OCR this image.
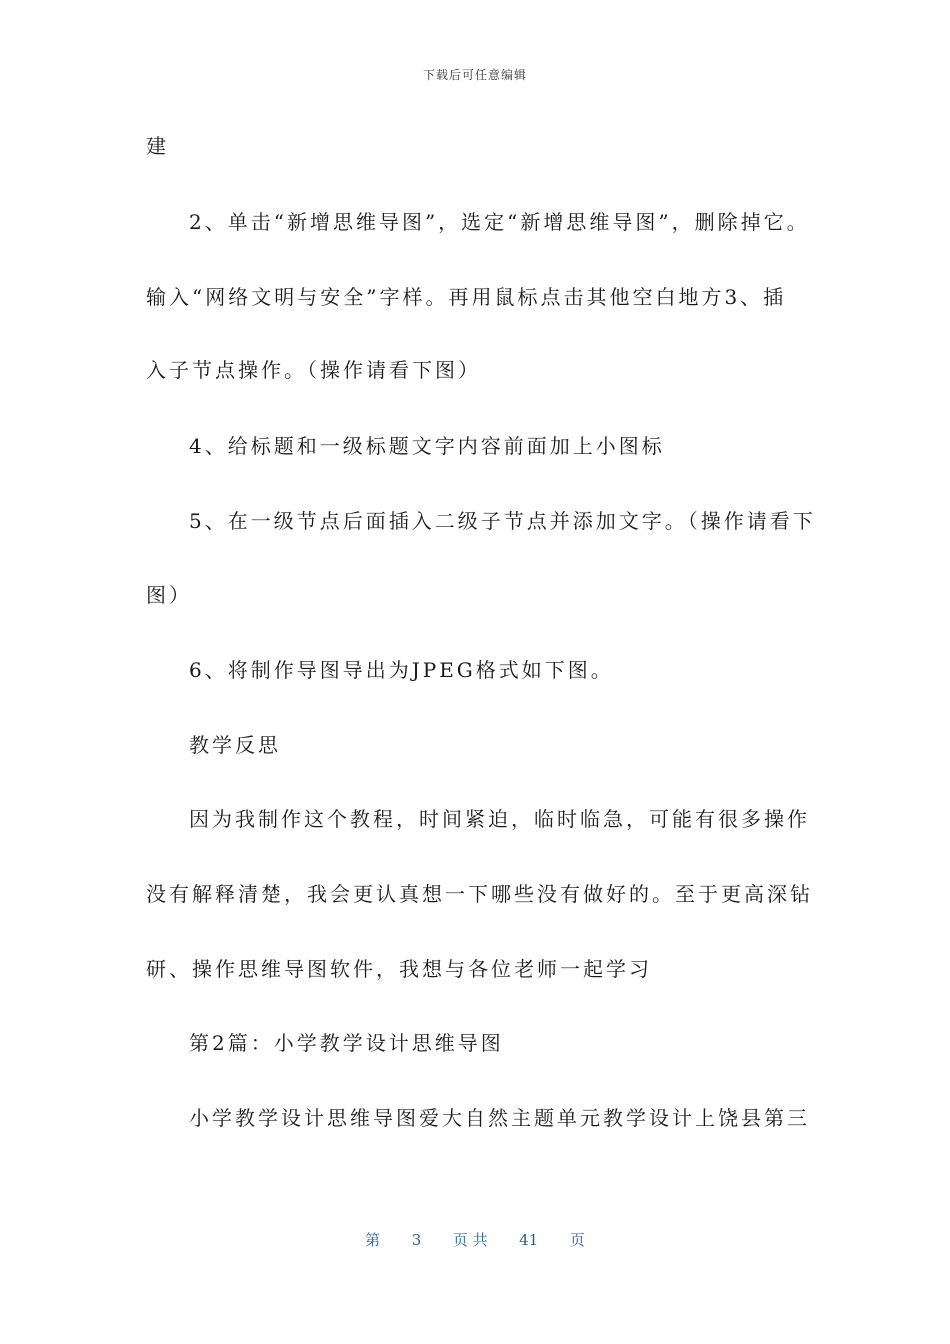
下载后可任意编辑
建
2、单击“新增思维导图”，选定“新增思维导图”，删除掉它。
输入“网络文明与安全”字样。再用鼠标点击其他空白地方3、插
入子节点操作。（操作请看下图）
4、给标题和一级标题文字内容前面加上小图标
5、在一级节点后面插入二级子节点并添加文字。（操作请看下
图）
6、将制作导图导出为JPEG格式如下图。
教学反思
因为我制作这个教程，时间紧迫，临时临急，可能有很多操作
没有解释清楚，我会更认真想一下哪些没有做好的。至于更高深钻
研、操作思维导图软件，我想与各位老师一起学习
第2篇：小学教学设计思维导图
小学教学设计思维导图爱大自然主题单元教学设计上饶县第三
第 3 页 共 41 页
